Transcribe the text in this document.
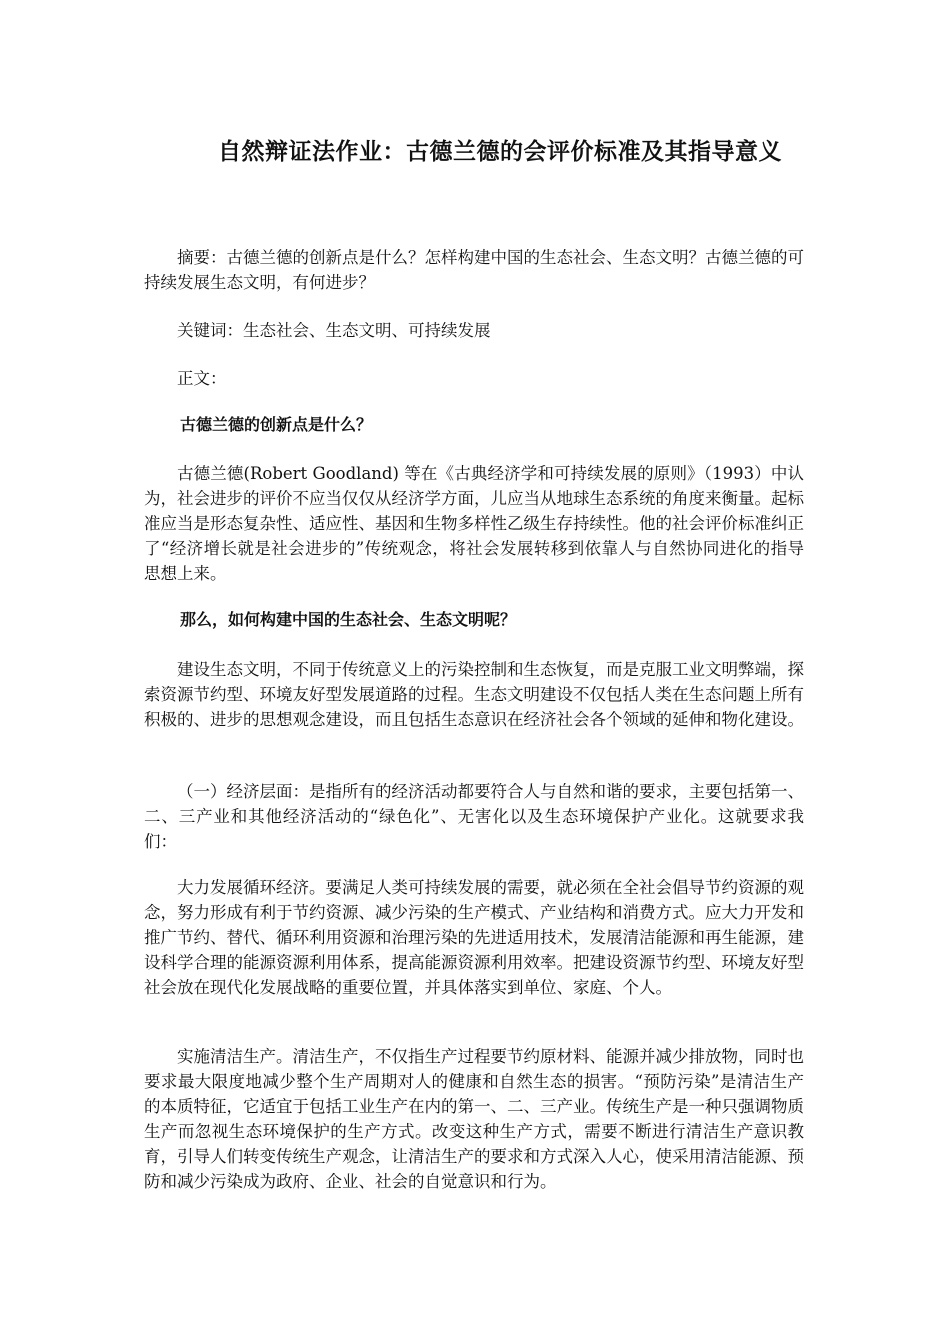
自然辩证法作业：古德兰德的会评价标准及其指导意义

摘要：古德兰德的创新点是什么？怎样构建中国的生态社会、生态文明？古德兰德的可持续发展生态文明，有何进步？

关键词：生态社会、生态文明、可持续发展

正文：

古德兰德的创新点是什么？

古德兰德(Robert Goodland) 等在《古典经济学和可持续发展的原则》（1993）中认为，社会进步的评价不应当仅仅从经济学方面，儿应当从地球生态系统的角度来衡量。起标准应当是形态复杂性、适应性、基因和生物多样性乙级生存持续性。他的社会评价标准纠正了“经济增长就是社会进步的”传统观念，将社会发展转移到依靠人与自然协同进化的指导思想上来。

那么，如何构建中国的生态社会、生态文明呢？

建设生态文明，不同于传统意义上的污染控制和生态恢复，而是克服工业文明弊端，探索资源节约型、环境友好型发展道路的过程。生态文明建设不仅包括人类在生态问题上所有积极的、进步的思想观念建设，而且包括生态意识在经济社会各个领域的延伸和物化建设。

（一）经济层面：是指所有的经济活动都要符合人与自然和谐的要求，主要包括第一、二、三产业和其他经济活动的“绿色化”、无害化以及生态环境保护产业化。这就要求我们：

大力发展循环经济。要满足人类可持续发展的需要，就必须在全社会倡导节约资源的观念，努力形成有利于节约资源、减少污染的生产模式、产业结构和消费方式。应大力开发和推广节约、替代、循环利用资源和治理污染的先进适用技术，发展清洁能源和再生能源，建设科学合理的能源资源利用体系，提高能源资源利用效率。把建设资源节约型、环境友好型社会放在现代化发展战略的重要位置，并具体落实到单位、家庭、个人。

实施清洁生产。清洁生产，不仅指生产过程要节约原材料、能源并减少排放物，同时也要求最大限度地减少整个生产周期对人的健康和自然生态的损害。“预防污染”是清洁生产的本质特征，它适宜于包括工业生产在内的第一、二、三产业。传统生产是一种只强调物质生产而忽视生态环境保护的生产方式。改变这种生产方式，需要不断进行清洁生产意识教育，引导人们转变传统生产观念，让清洁生产的要求和方式深入人心，使采用清洁能源、预防和减少污染成为政府、企业、社会的自觉意识和行为。
